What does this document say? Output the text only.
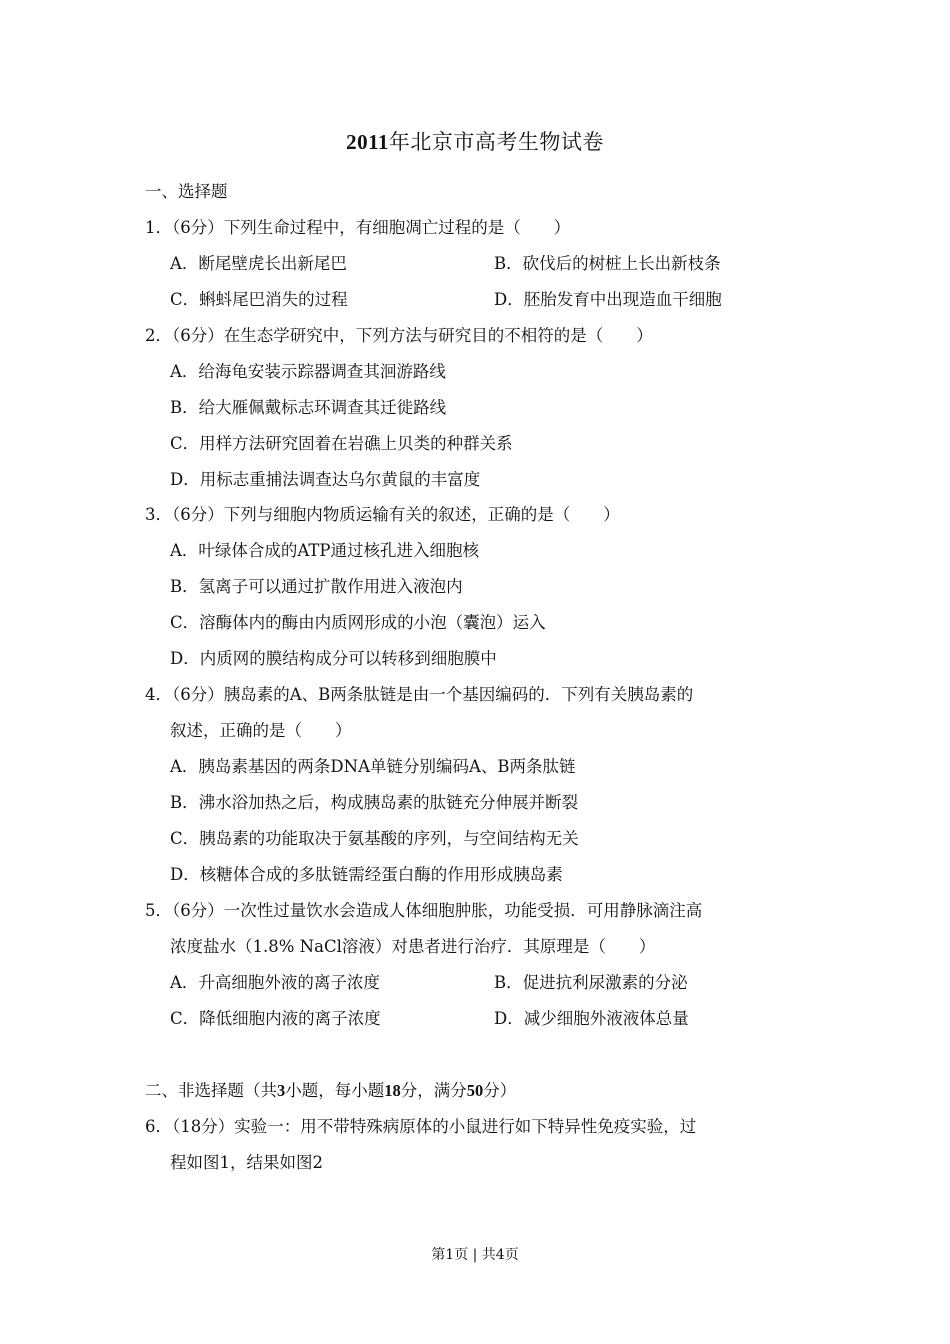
2011年北京市高考生物试卷
一、选择题
1．（6分）下列生命过程中，有细胞凋亡过程的是（　　）
A．断尾壁虎长出新尾巴	B．砍伐后的树桩上长出新枝条
C．蝌蚪尾巴消失的过程	D．胚胎发育中出现造血干细胞
2．（6分）在生态学研究中，下列方法与研究目的不相符的是（　　）
A．给海龟安装示踪器调查其洄游路线
B．给大雁佩戴标志环调查其迁徙路线
C．用样方法研究固着在岩礁上贝类的种群关系
D．用标志重捕法调查达乌尔黄鼠的丰富度
3．（6分）下列与细胞内物质运输有关的叙述，正确的是（　　）
A．叶绿体合成的ATP通过核孔进入细胞核
B．氢离子可以通过扩散作用进入液泡内
C．溶酶体内的酶由内质网形成的小泡（囊泡）运入
D．内质网的膜结构成分可以转移到细胞膜中
4．（6分）胰岛素的A、B两条肽链是由一个基因编码的．下列有关胰岛素的
叙述，正确的是（　　）
A．胰岛素基因的两条DNA单链分别编码A、B两条肽链
B．沸水浴加热之后，构成胰岛素的肽链充分伸展并断裂
C．胰岛素的功能取决于氨基酸的序列，与空间结构无关
D．核糖体合成的多肽链需经蛋白酶的作用形成胰岛素
5．（6分）一次性过量饮水会造成人体细胞肿胀，功能受损．可用静脉滴注高
浓度盐水（1.8% NaCl溶液）对患者进行治疗．其原理是（　　）
A．升高细胞外液的离子浓度	B．促进抗利尿激素的分泌
C．降低细胞内液的离子浓度	D．减少细胞外液液体总量
二、非选择题（共3小题，每小题18分，满分50分）
6．（18分）实验一：用不带特殊病原体的小鼠进行如下特异性免疫实验，过
程如图1，结果如图2
第1页 | 共4页
